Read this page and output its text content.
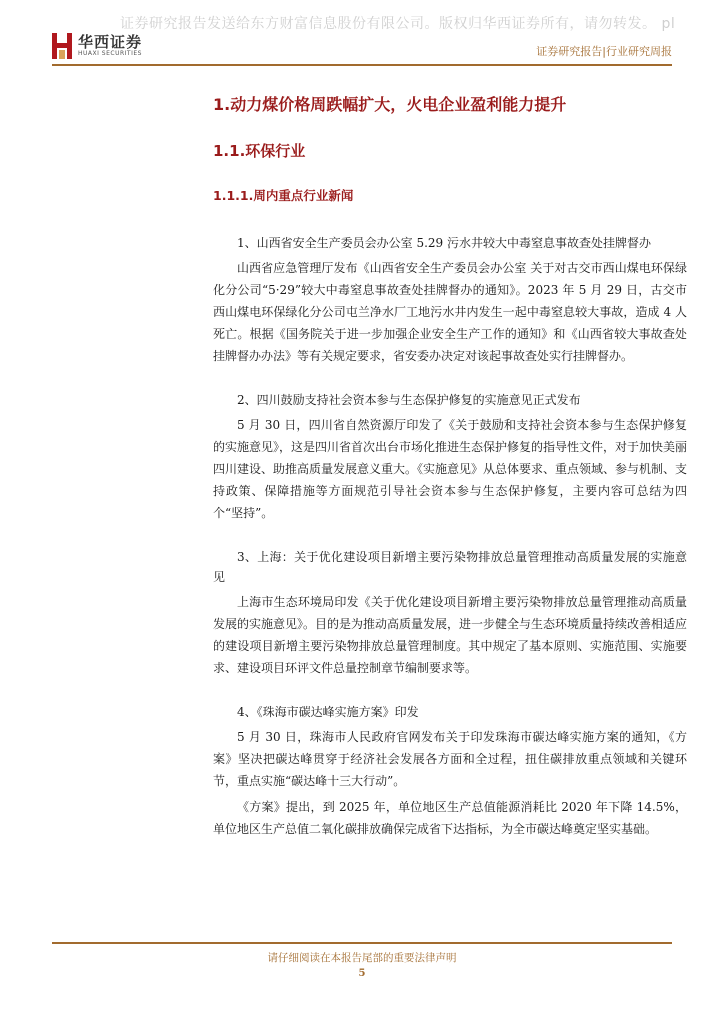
证券研究报告发送给东方财富信息股份有限公司。版权归华西证券所有，请勿转发。 pl
华西证券
HUAXI SECURITIES	证券研究报告|行业研究周报
1.动力煤价格周跌幅扩大，火电企业盈利能力提升
1.1.环保行业
1.1.1.周内重点行业新闻

1、山西省安全生产委员会办公室 5.29 污水井较大中毒窒息事故查处挂牌督办

山西省应急管理厅发布《山西省安全生产委员会办公室 关于对古交市西山煤电环保绿化分公司“5·29”较大中毒窒息事故查处挂牌督办的通知》。2023 年 5 月 29 日，古交市西山煤电环保绿化分公司屯兰净水厂工地污水井内发生一起中毒窒息较大事故，造成 4 人死亡。根据《国务院关于进一步加强企业安全生产工作的通知》和《山西省较大事故查处挂牌督办办法》等有关规定要求，省安委办决定对该起事故查处实行挂牌督办。

2、四川鼓励支持社会资本参与生态保护修复的实施意见正式发布

5 月 30 日，四川省自然资源厅印发了《关于鼓励和支持社会资本参与生态保护修复的实施意见》，这是四川省首次出台市场化推进生态保护修复的指导性文件，对于加快美丽四川建设、助推高质量发展意义重大。《实施意见》从总体要求、重点领域、参与机制、支持政策、保障措施等方面规范引导社会资本参与生态保护修复，主要内容可总结为四个“坚持”。

3、上海：关于优化建设项目新增主要污染物排放总量管理推动高质量发展的实施意见

上海市生态环境局印发《关于优化建设项目新增主要污染物排放总量管理推动高质量发展的实施意见》。目的是为推动高质量发展，进一步健全与生态环境质量持续改善相适应的建设项目新增主要污染物排放总量管理制度。其中规定了基本原则、实施范围、实施要求、建设项目环评文件总量控制章节编制要求等。

4、《珠海市碳达峰实施方案》印发

5 月 30 日，珠海市人民政府官网发布关于印发珠海市碳达峰实施方案的通知，《方案》坚决把碳达峰贯穿于经济社会发展各方面和全过程，扭住碳排放重点领域和关键环节，重点实施“碳达峰十三大行动”。

《方案》提出，到 2025 年，单位地区生产总值能源消耗比 2020 年下降 14.5%，单位地区生产总值二氧化碳排放确保完成省下达指标，为全市碳达峰奠定坚实基础。

请仔细阅读在本报告尾部的重要法律声明
5
